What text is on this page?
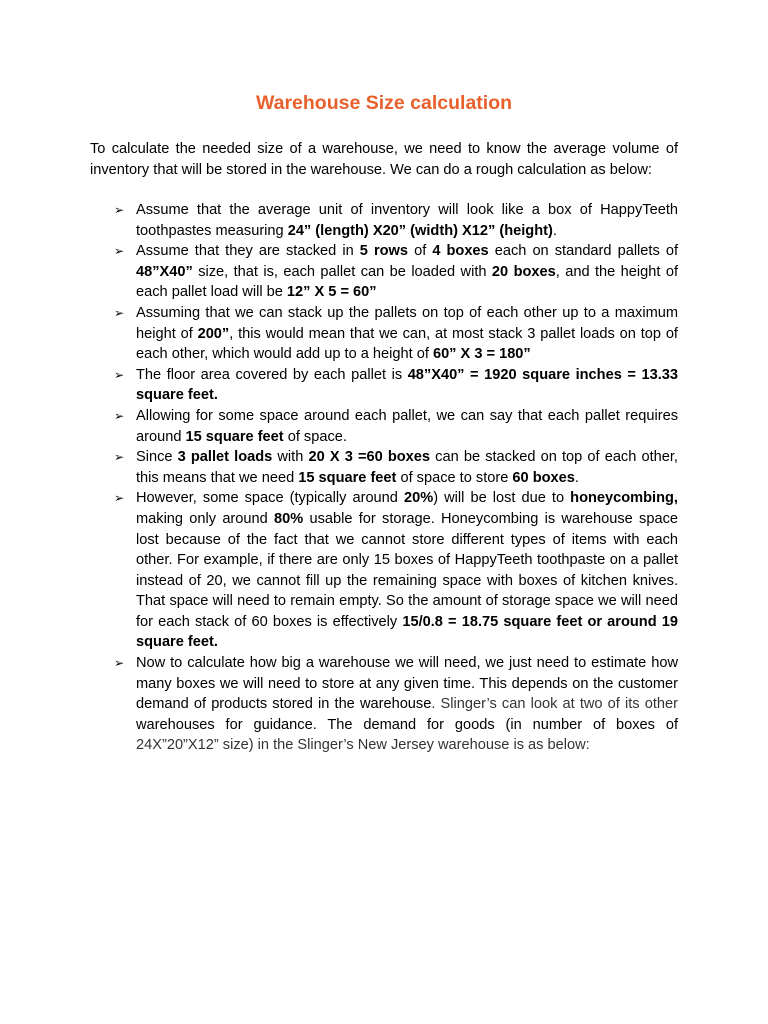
Warehouse Size calculation

To calculate the needed size of a warehouse, we need to know the average volume of inventory that will be stored in the warehouse. We can do a rough calculation as below:

➢ Assume that the average unit of inventory will look like a box of HappyTeeth toothpastes measuring 24” (length) X20” (width) X12” (height).
➢ Assume that they are stacked in 5 rows of 4 boxes each on standard pallets of 48”X40” size, that is, each pallet can be loaded with 20 boxes, and the height of each pallet load will be 12” X 5 = 60”
➢ Assuming that we can stack up the pallets on top of each other up to a maximum height of 200”, this would mean that we can, at most stack 3 pallet loads on top of each other, which would add up to a height of 60” X 3 = 180”
➢ The floor area covered by each pallet is 48”X40” = 1920 square inches = 13.33 square feet.
➢ Allowing for some space around each pallet, we can say that each pallet requires around 15 square feet of space.
➢ Since 3 pallet loads with 20 X 3 =60 boxes can be stacked on top of each other, this means that we need 15 square feet of space to store 60 boxes.
➢ However, some space (typically around 20%) will be lost due to honeycombing, making only around 80% usable for storage. Honeycombing is warehouse space lost because of the fact that we cannot store different types of items with each other. For example, if there are only 15 boxes of HappyTeeth toothpaste on a pallet instead of 20, we cannot fill up the remaining space with boxes of kitchen knives. That space will need to remain empty. So the amount of storage space we will need for each stack of 60 boxes is effectively 15/0.8 = 18.75 square feet or around 19 square feet.
➢ Now to calculate how big a warehouse we will need, we just need to estimate how many boxes we will need to store at any given time. This depends on the customer demand of products stored in the warehouse. Slinger’s can look at two of its other warehouses for guidance. The demand for goods (in number of boxes of 24X”20”X12” size) in the Slinger’s New Jersey warehouse is as below:
